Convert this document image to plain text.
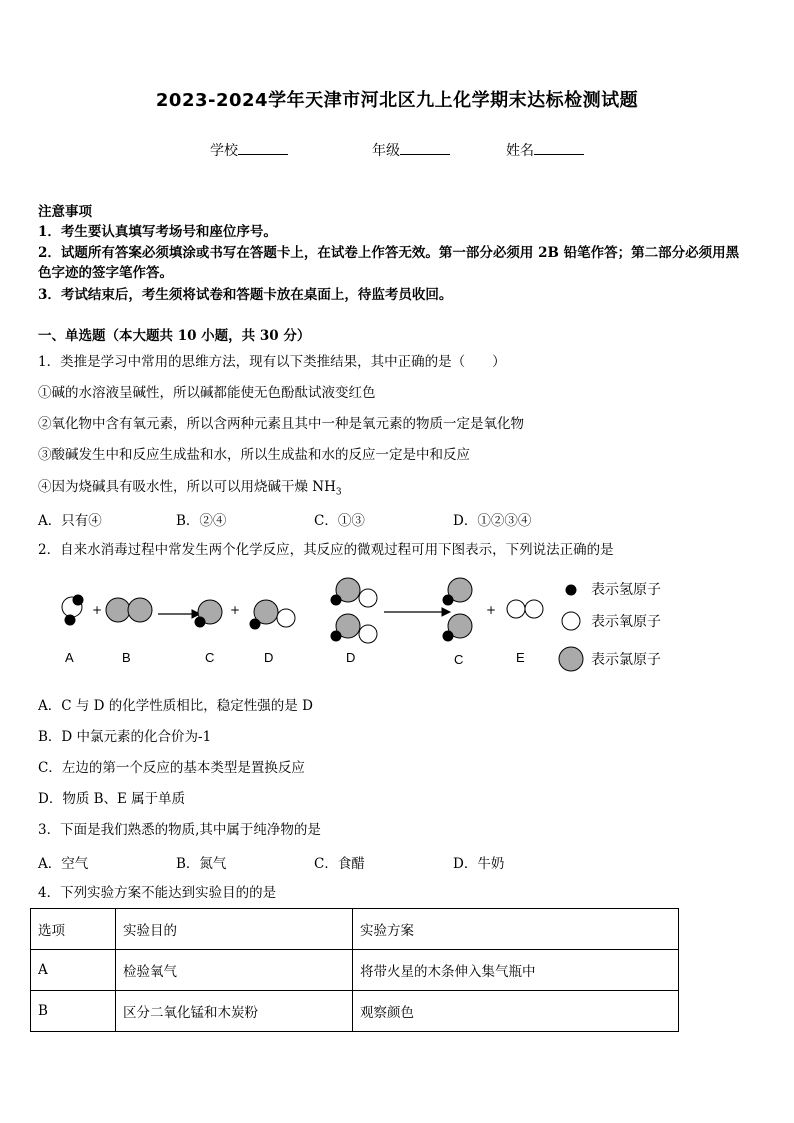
2023-2024学年天津市河北区九上化学期末达标检测试题
学校	年级	姓名
注意事项
1．考生要认真填写考场号和座位序号。
2．试题所有答案必须填涂或书写在答题卡上，在试卷上作答无效。第一部分必须用 2B 铅笔作答；第二部分必须用黑
色字迹的签字笔作答。
3．考试结束后，考生须将试卷和答题卡放在桌面上，待监考员收回。
一、单选题（本大题共 10 小题，共 30 分）
1．类推是学习中常用的思维方法，现有以下类推结果，其中正确的是（　　）
①碱的水溶液呈碱性，所以碱都能使无色酚酞试液变红色
②氧化物中含有氧元素，所以含两种元素且其中一种是氧元素的物质一定是氧化物
③酸碱发生中和反应生成盐和水，所以生成盐和水的反应一定是中和反应
④因为烧碱具有吸水性，所以可以用烧碱干燥 $NH_3$
A．只有④	B．②④	C．①③	D．①②③④
2．自来水消毒过程中常发生两个化学反应，其反应的微观过程可用下图表示，下列说法正确的是
+	+	+
A	B	C	D	D	C	E
表示氢原子
表示氧原子
表示氯原子
A．C 与 D 的化学性质相比，稳定性强的是 D
B．D 中氯元素的化合价为-1
C．左边的第一个反应的基本类型是置换反应
D．物质 B、E 属于单质
3．下面是我们熟悉的物质,其中属于纯净物的是
A．空气	B．氮气	C．食醋	D．牛奶
4．下列实验方案不能达到实验目的的是
选项	实验目的	实验方案
A	检验氧气	将带火星的木条伸入集气瓶中
B	区分二氧化锰和木炭粉	观察颜色
